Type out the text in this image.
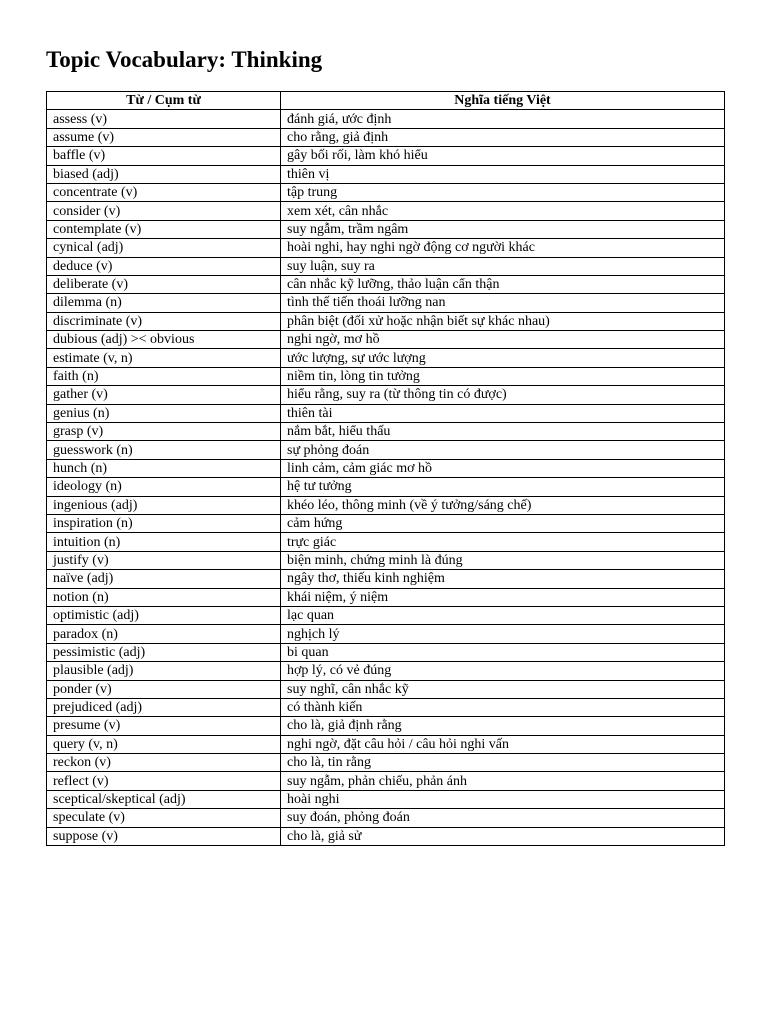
Topic Vocabulary: Thinking
Từ / Cụm từ	Nghĩa tiếng Việt
assess (v)	đánh giá, ước định
assume (v)	cho rằng, giả định
baffle (v)	gây bối rối, làm khó hiểu
biased (adj)	thiên vị
concentrate (v)	tập trung
consider (v)	xem xét, cân nhắc
contemplate (v)	suy ngẫm, trầm ngâm
cynical (adj)	hoài nghi, hay nghi ngờ động cơ người khác
deduce (v)	suy luận, suy ra
deliberate (v)	cân nhắc kỹ lưỡng, thảo luận cẩn thận
dilemma (n)	tình thế tiến thoái lưỡng nan
discriminate (v)	phân biệt (đối xử hoặc nhận biết sự khác nhau)
dubious (adj) >< obvious	nghi ngờ, mơ hồ
estimate (v, n)	ước lượng, sự ước lượng
faith (n)	niềm tin, lòng tin tưởng
gather (v)	hiểu rằng, suy ra (từ thông tin có được)
genius (n)	thiên tài
grasp (v)	nắm bắt, hiểu thấu
guesswork (n)	sự phỏng đoán
hunch (n)	linh cảm, cảm giác mơ hồ
ideology (n)	hệ tư tưởng
ingenious (adj)	khéo léo, thông minh (về ý tưởng/sáng chế)
inspiration (n)	cảm hứng
intuition (n)	trực giác
justify (v)	biện minh, chứng minh là đúng
naïve (adj)	ngây thơ, thiếu kinh nghiệm
notion (n)	khái niệm, ý niệm
optimistic (adj)	lạc quan
paradox (n)	nghịch lý
pessimistic (adj)	bi quan
plausible (adj)	hợp lý, có vẻ đúng
ponder (v)	suy nghĩ, cân nhắc kỹ
prejudiced (adj)	có thành kiến
presume (v)	cho là, giả định rằng
query (v, n)	nghi ngờ, đặt câu hỏi / câu hỏi nghi vấn
reckon (v)	cho là, tin rằng
reflect (v)	suy ngẫm, phản chiếu, phản ánh
sceptical/skeptical (adj)	hoài nghi
speculate (v)	suy đoán, phỏng đoán
suppose (v)	cho là, giả sử
